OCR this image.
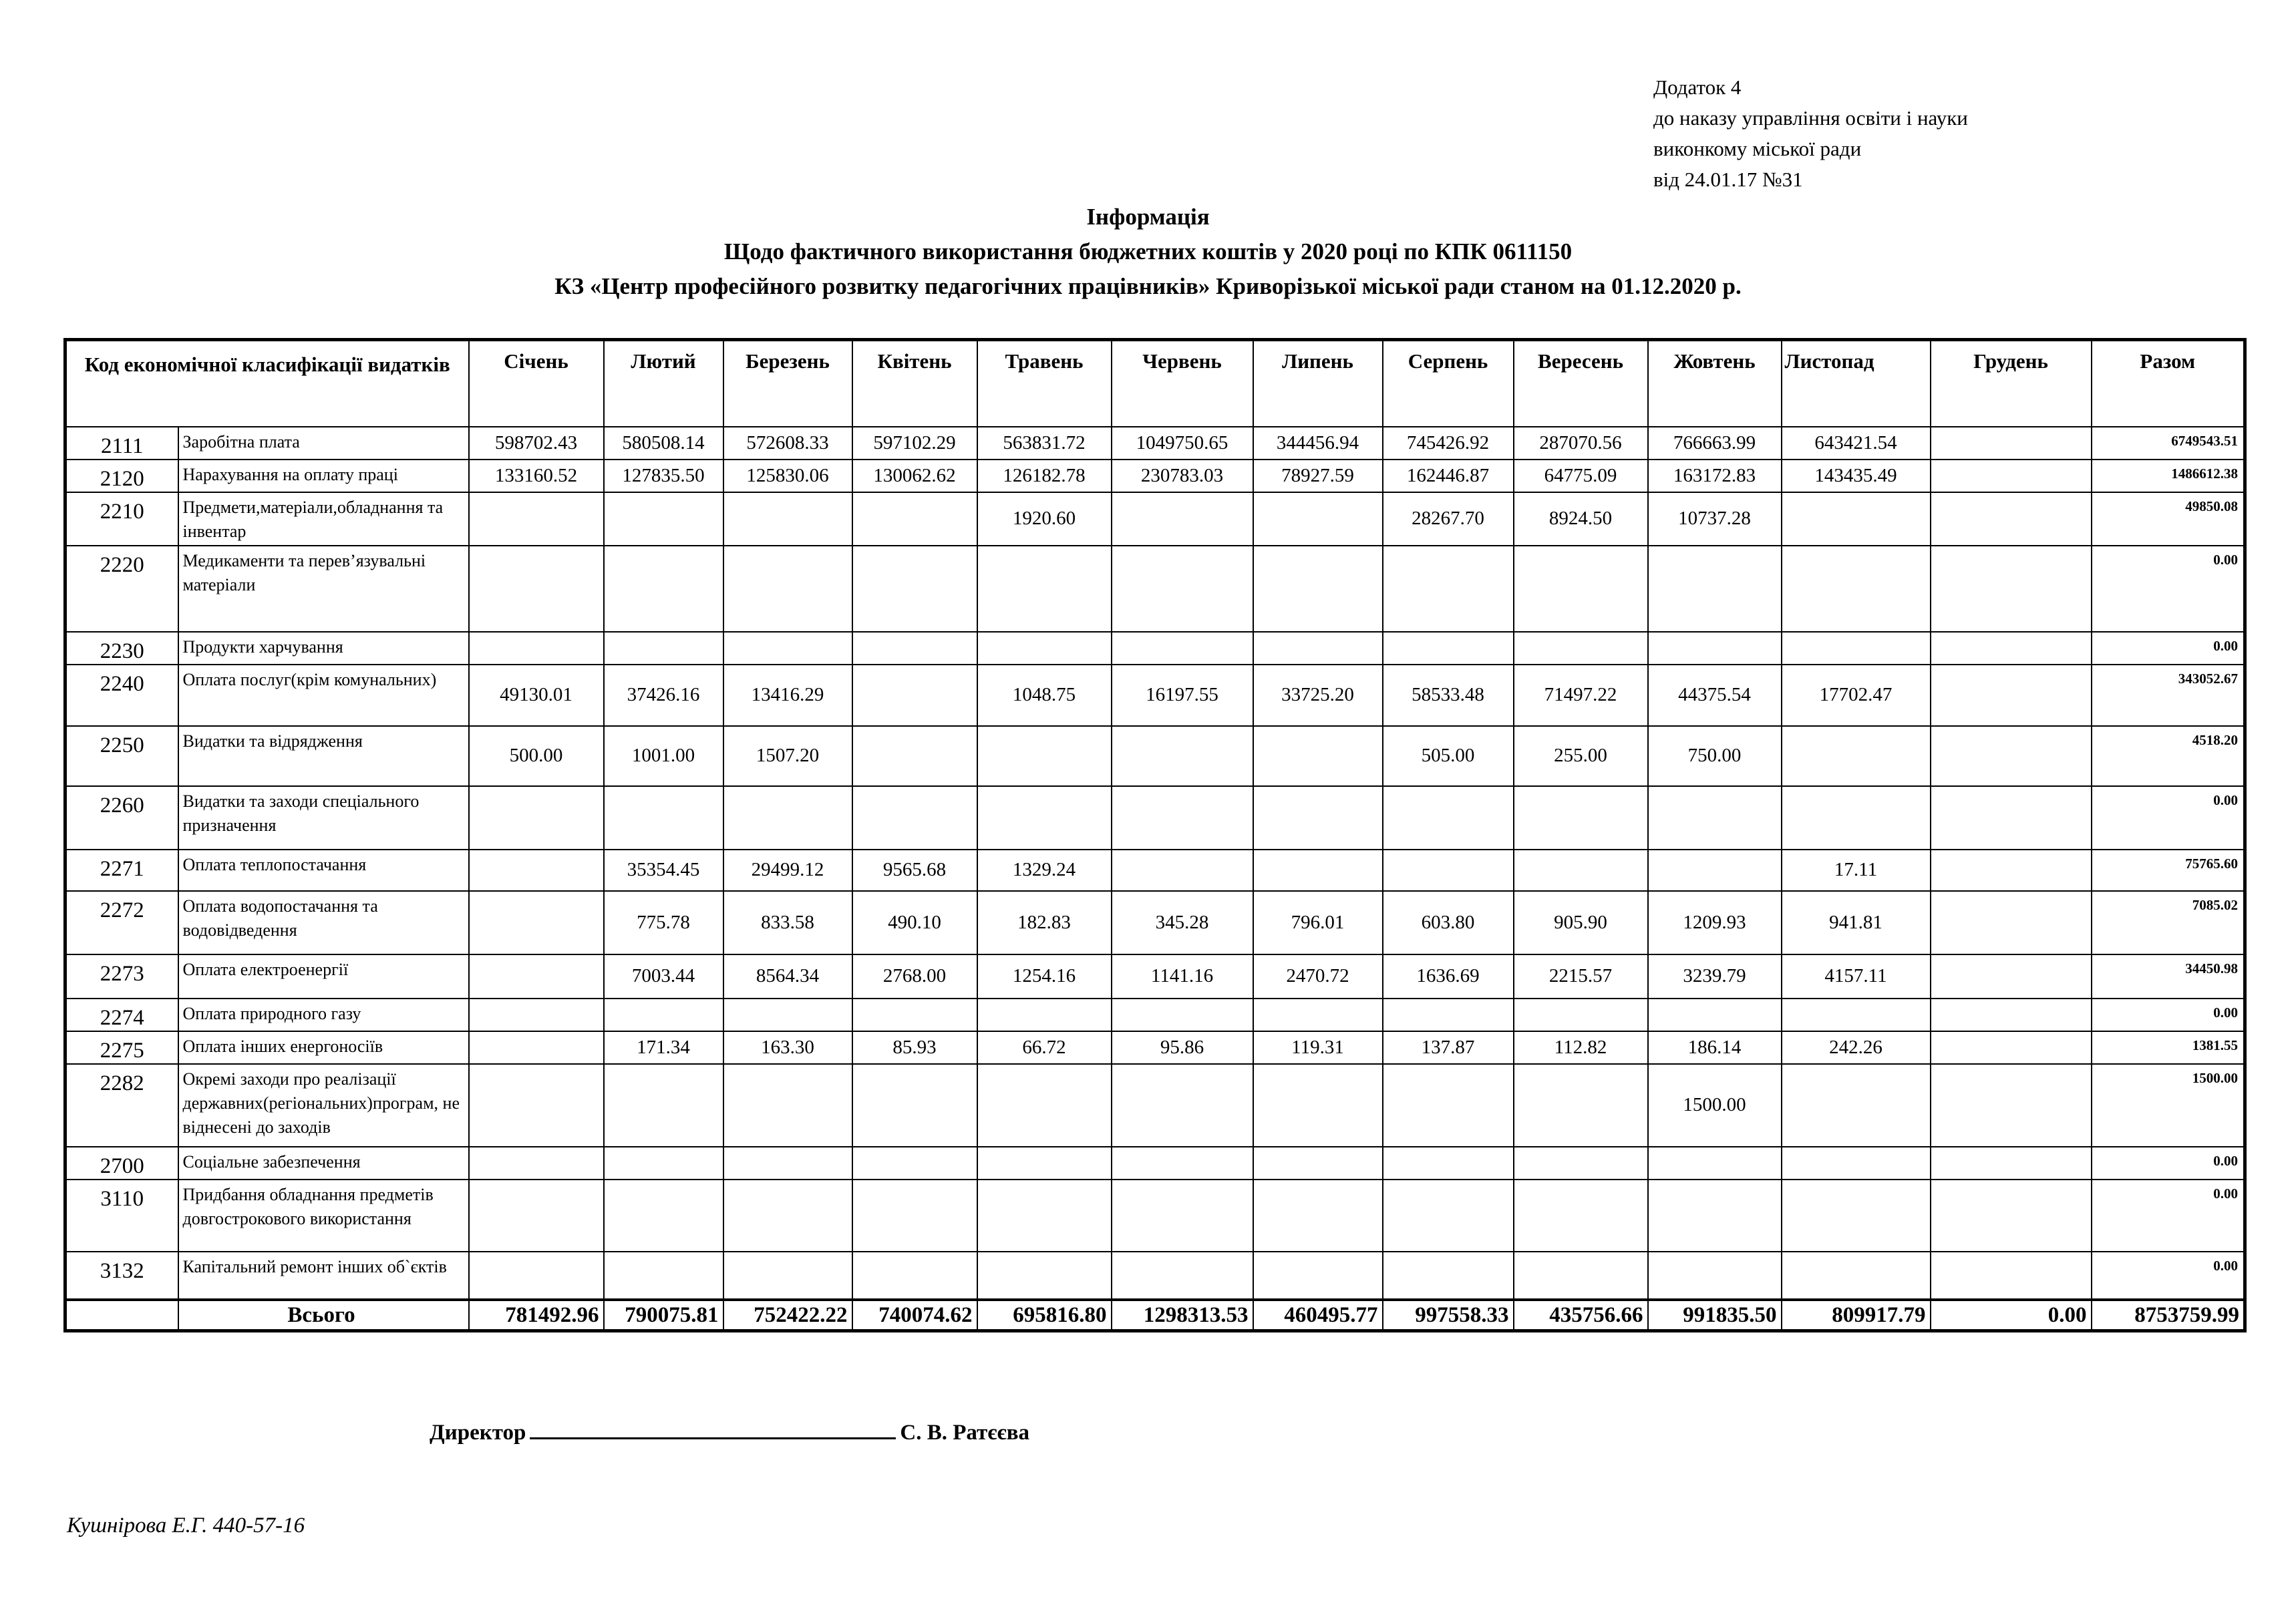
Додаток 4
до наказу управління освіти і науки
виконкому міської ради
від 24.01.17 №31
Інформація
Щодо фактичного використання бюджетних коштів у 2020 році по КПК 0611150
КЗ «Центр професійного розвитку педагогічних працівників» Криворізької міської ради станом на 01.12.2020 р.
Код економічної класифікації видатків		Січень	Лютий	Березень	Квітень	Травень	Червень	Липень	Серпень	Вересень	Жовтень	Листопад	Грудень	Разом
2111	Заробітна плата	598702.43	580508.14	572608.33	597102.29	563831.72	1049750.65	344456.94	745426.92	287070.56	766663.99	643421.54		6749543.51
2120	Нарахування на оплату праці	133160.52	127835.50	125830.06	130062.62	126182.78	230783.03	78927.59	162446.87	64775.09	163172.83	143435.49		1486612.38
2210	Предмети,матеріали,обладнання та інвентар					1920.60			28267.70	8924.50	10737.28			49850.08
2220	Медикаменти та перев’язувальні матеріали													0.00
2230	Продукти харчування													0.00
2240	Оплата послуг(крім комунальних)	49130.01	37426.16	13416.29		1048.75	16197.55	33725.20	58533.48	71497.22	44375.54	17702.47		343052.67
2250	Видатки та відрядження	500.00	1001.00	1507.20					505.00	255.00	750.00			4518.20
2260	Видатки та заходи спеціального призначення													0.00
2271	Оплата теплопостачання		35354.45	29499.12	9565.68	1329.24						17.11		75765.60
2272	Оплата водопостачання та водовідведення		775.78	833.58	490.10	182.83	345.28	796.01	603.80	905.90	1209.93	941.81		7085.02
2273	Оплата електроенергії		7003.44	8564.34	2768.00	1254.16	1141.16	2470.72	1636.69	2215.57	3239.79	4157.11		34450.98
2274	Оплата природного газу													0.00
2275	Оплата інших енергоносіїв		171.34	163.30	85.93	66.72	95.86	119.31	137.87	112.82	186.14	242.26		1381.55
2282	Окремі заходи про реалізації державних(регіональних)програм, не віднесені до заходів										1500.00			1500.00
2700	Соціальне забезпечення													0.00
3110	Придбання обладнання предметів довгострокового використання													0.00
3132	Капітальний ремонт інших об`єктів													0.00
	Всього	781492.96	790075.81	752422.22	740074.62	695816.80	1298313.53	460495.77	997558.33	435756.66	991835.50	809917.79	0.00	8753759.99
Директор	С. В. Ратєєва
Кушнірова Е.Г. 440-57-16
